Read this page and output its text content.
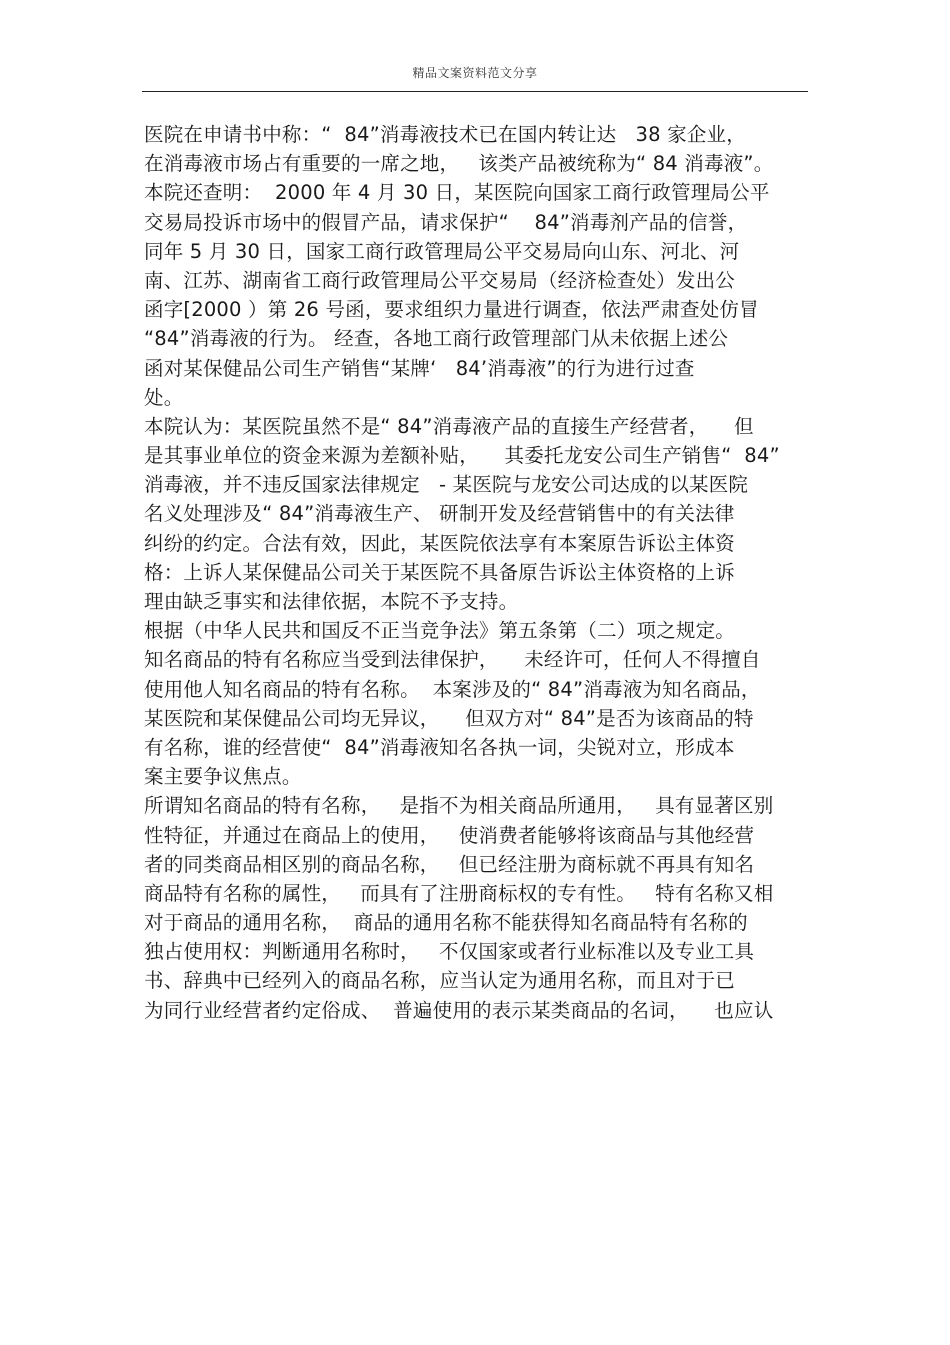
精品文案资料范文分享
医院在申请书中称：“  84”消毒液技术已在国内转让达   38 家企业，
在消毒液市场占有重要的一席之地，   该类产品被统称为“ 84 消毒液”。
本院还查明：  2000 年 4 月 30 日，某医院向国家工商行政管理局公平
交易局投诉市场中的假冒产品，请求保护“    84”消毒剂产品的信誉，
同年 5 月 30 日，国家工商行政管理局公平交易局向山东、河北、河
南、江苏、湖南省工商行政管理局公平交易局（经济检查处）发出公
函字[2000 ）第 26 号函，要求组织力量进行调查，依法严肃查处仿冒
“84”消毒液的行为。 经查，各地工商行政管理部门从未依据上述公
函对某保健品公司生产销售“某牌‘   84’消毒液”的行为进行过查
处。
本院认为：某医院虽然不是“ 84”消毒液产品的直接生产经营者，    但
是其事业单位的资金来源为差额补贴，    其委托龙安公司生产销售“  84”
消毒液，并不违反国家法律规定   - 某医院与龙安公司达成的以某医院
名义处理涉及“ 84”消毒液生产、 研制开发及经营销售中的有关法律
纠纷的约定。合法有效，因此，某医院依法享有本案原告诉讼主体资
格：上诉人某保健品公司关于某医院不具备原告诉讼主体资格的上诉
理由缺乏事实和法律依据，本院不予支持。
根据（中华人民共和国反不正当竞争法》第五条第（二）项之规定。
知名商品的特有名称应当受到法律保护，    未经许可，任何人不得擅自
使用他人知名商品的特有名称。  本案涉及的“ 84”消毒液为知名商品，
某医院和某保健品公司均无异议，    但双方对“ 84”是否为该商品的特
有名称，谁的经营使“  84”消毒液知名各执一词，尖锐对立，形成本
案主要争议焦点。
所谓知名商品的特有名称，   是指不为相关商品所通用，   具有显著区别
性特征，并通过在商品上的使用，   使消费者能够将该商品与其他经营
者的同类商品相区别的商品名称，   但已经注册为商标就不再具有知名
商品特有名称的属性，   而具有了注册商标权的专有性。   特有名称又相
对于商品的通用名称，  商品的通用名称不能获得知名商品特有名称的
独占使用权：判断通用名称时，   不仅国家或者行业标准以及专业工具
书、辞典中已经列入的商品名称，应当认定为通用名称，而且对于已
为同行业经营者约定俗成、  普遍使用的表示某类商品的名词，    也应认
